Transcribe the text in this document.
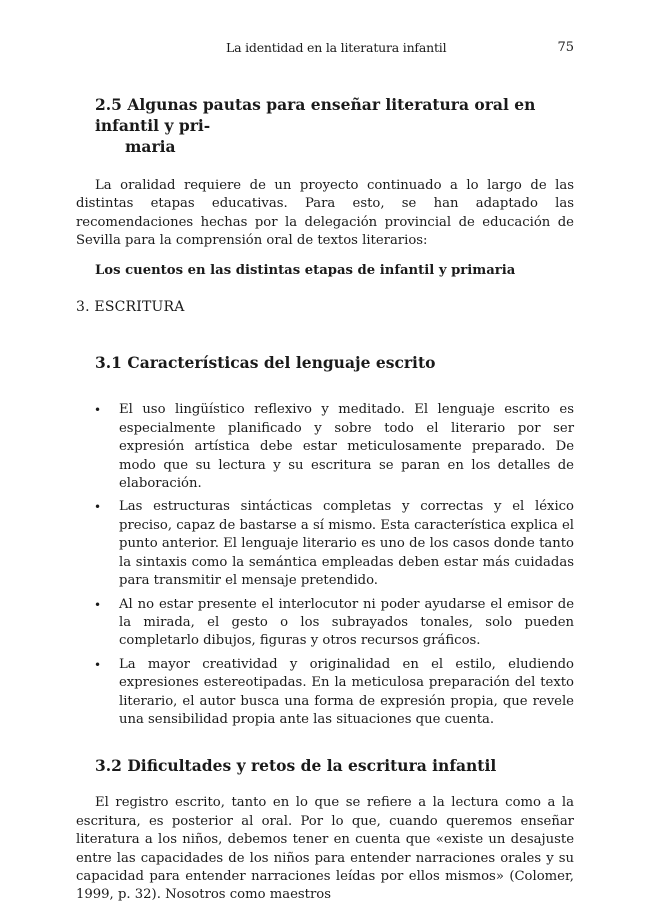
La identidad en la literatura infantil	75
2.5 Algunas pautas para enseñar literatura oral en infantil y pri-
maria

La oralidad requiere de un proyecto continuado a lo largo de las distintas etapas educativas. Para esto, se han adaptado las recomendaciones hechas por la delegación provincial de educación de Sevilla para la comprensión oral de textos literarios:

Los cuentos en las distintas etapas de infantil y primaria

3. ESCRITURA

3.1 Características del lenguaje escrito
• El uso lingüístico reflexivo y meditado. El lenguaje escrito es especialmente planificado y sobre todo el literario por ser expresión artística debe estar meticulosamente preparado. De modo que su lectura y su escritura se paran en los detalles de elaboración.
• Las estructuras sintácticas completas y correctas y el léxico preciso, capaz de bastarse a sí mismo. Esta característica explica el punto anterior. El lenguaje literario es uno de los casos donde tanto la sintaxis como la semántica empleadas deben estar más cuidadas para transmitir el mensaje pretendido.
• Al no estar presente el interlocutor ni poder ayudarse el emisor de la mirada, el gesto o los subrayados tonales, solo pueden completarlo dibujos, figuras y otros recursos gráficos.
• La mayor creatividad y originalidad en el estilo, eludiendo expresiones estereotipadas. En la meticulosa preparación del texto literario, el autor busca una forma de expresión propia, que revele una sensibilidad propia ante las situaciones que cuenta.
3.2 Dificultades y retos de la escritura infantil

El registro escrito, tanto en lo que se refiere a la lectura como a la escritura, es posterior al oral. Por lo que, cuando queremos enseñar literatura a los niños, debemos tener en cuenta que «existe un desajuste entre las capacidades de los niños para entender narraciones orales y su capacidad para entender narraciones leídas por ellos mismos» (Colomer, 1999, p. 32). Nosotros como maestros
